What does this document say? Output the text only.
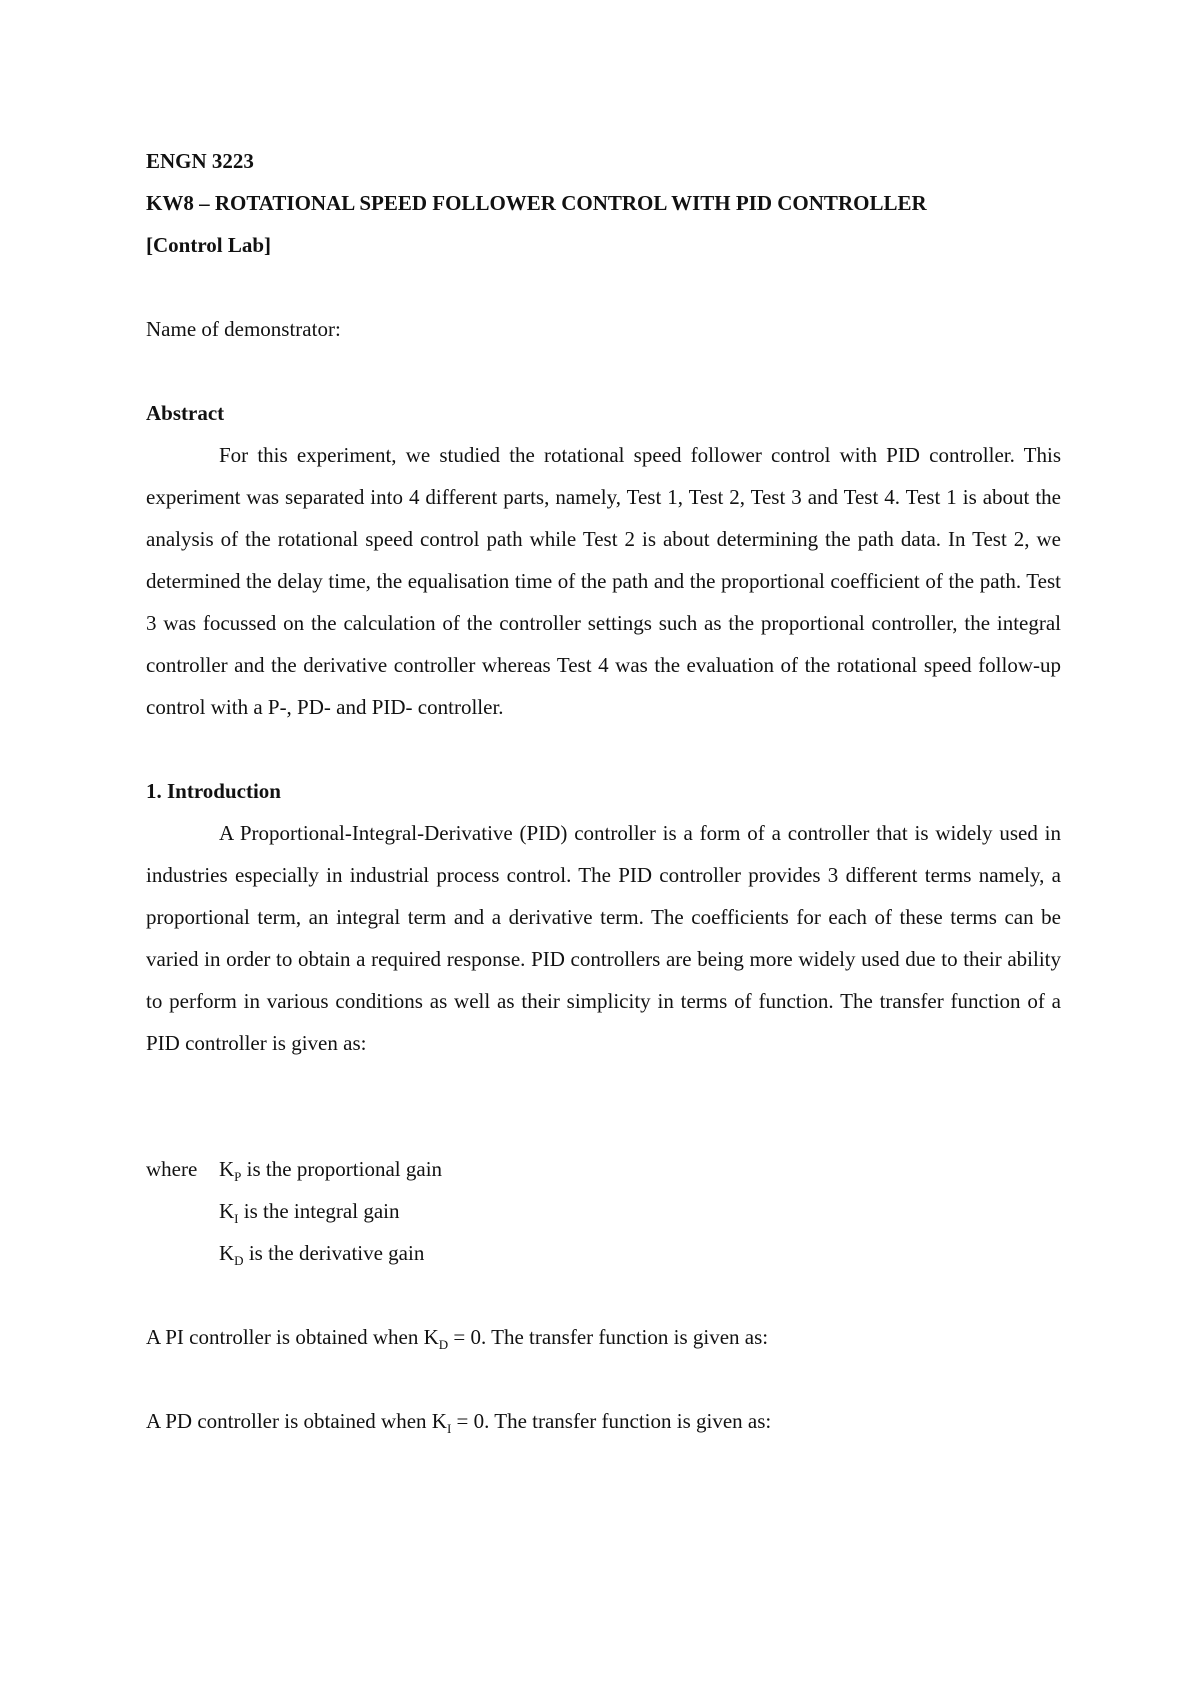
ENGN 3223
KW8 – ROTATIONAL SPEED FOLLOWER CONTROL WITH PID CONTROLLER
[Control Lab]
Name of demonstrator:
Abstract

For this experiment, we studied the rotational speed follower control with PID controller. This experiment was separated into 4 different parts, namely, Test 1, Test 2, Test 3 and Test 4. Test 1 is about the analysis of the rotational speed control path while Test 2 is about determining the path data. In Test 2, we determined the delay time, the equalisation time of the path and the proportional coefficient of the path. Test 3 was focussed on the calculation of the controller settings such as the proportional controller, the integral controller and the derivative controller whereas Test 4 was the evaluation of the rotational speed follow-up control with a P-, PD- and PID- controller.

1. Introduction

A Proportional-Integral-Derivative (PID) controller is a form of a controller that is widely used in industries especially in industrial process control. The PID controller provides 3 different terms namely, a proportional term, an integral term and a derivative term. The coefficients for each of these terms can be varied in order to obtain a required response. PID controllers are being more widely used due to their ability to perform in various conditions as well as their simplicity in terms of function. The transfer function of a PID controller is given as:

where $K_P$ is the proportional gain
$K_I$ is the integral gain
$K_D$ is the derivative gain
A PI controller is obtained when $K_D = 0$. The transfer function is given as:
A PD controller is obtained when $K_I = 0$. The transfer function is given as:
